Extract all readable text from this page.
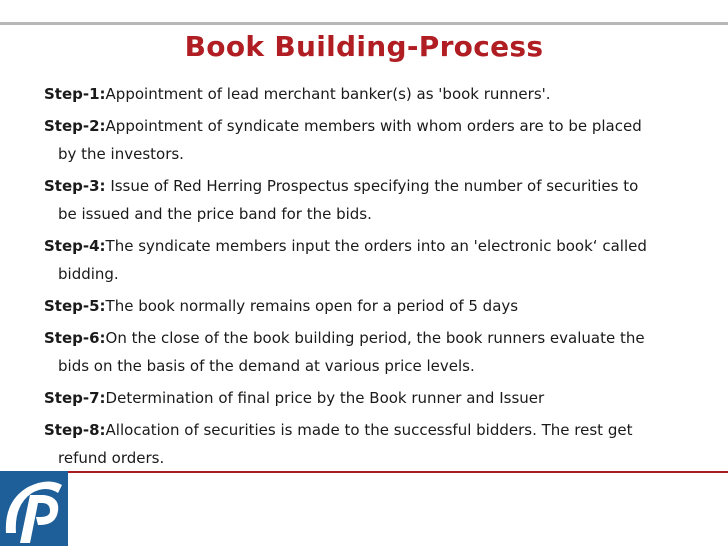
Book Building-Process
Step-1:Appointment of lead merchant banker(s) as 'book runners'.
Step-2:Appointment of syndicate members with whom orders are to be placed
by the investors.
Step-3: Issue of Red Herring Prospectus specifying the number of securities to
be issued and the price band for the bids.
Step-4:The syndicate members input the orders into an 'electronic book‘ called
bidding.
Step-5:The book normally remains open for a period of 5 days
Step-6:On the close of the book building period, the book runners evaluate the
bids on the basis of the demand at various price levels.
Step-7:Determination of final price by the Book runner and Issuer
Step-8:Allocation of securities is made to the successful bidders. The rest get
refund orders.
